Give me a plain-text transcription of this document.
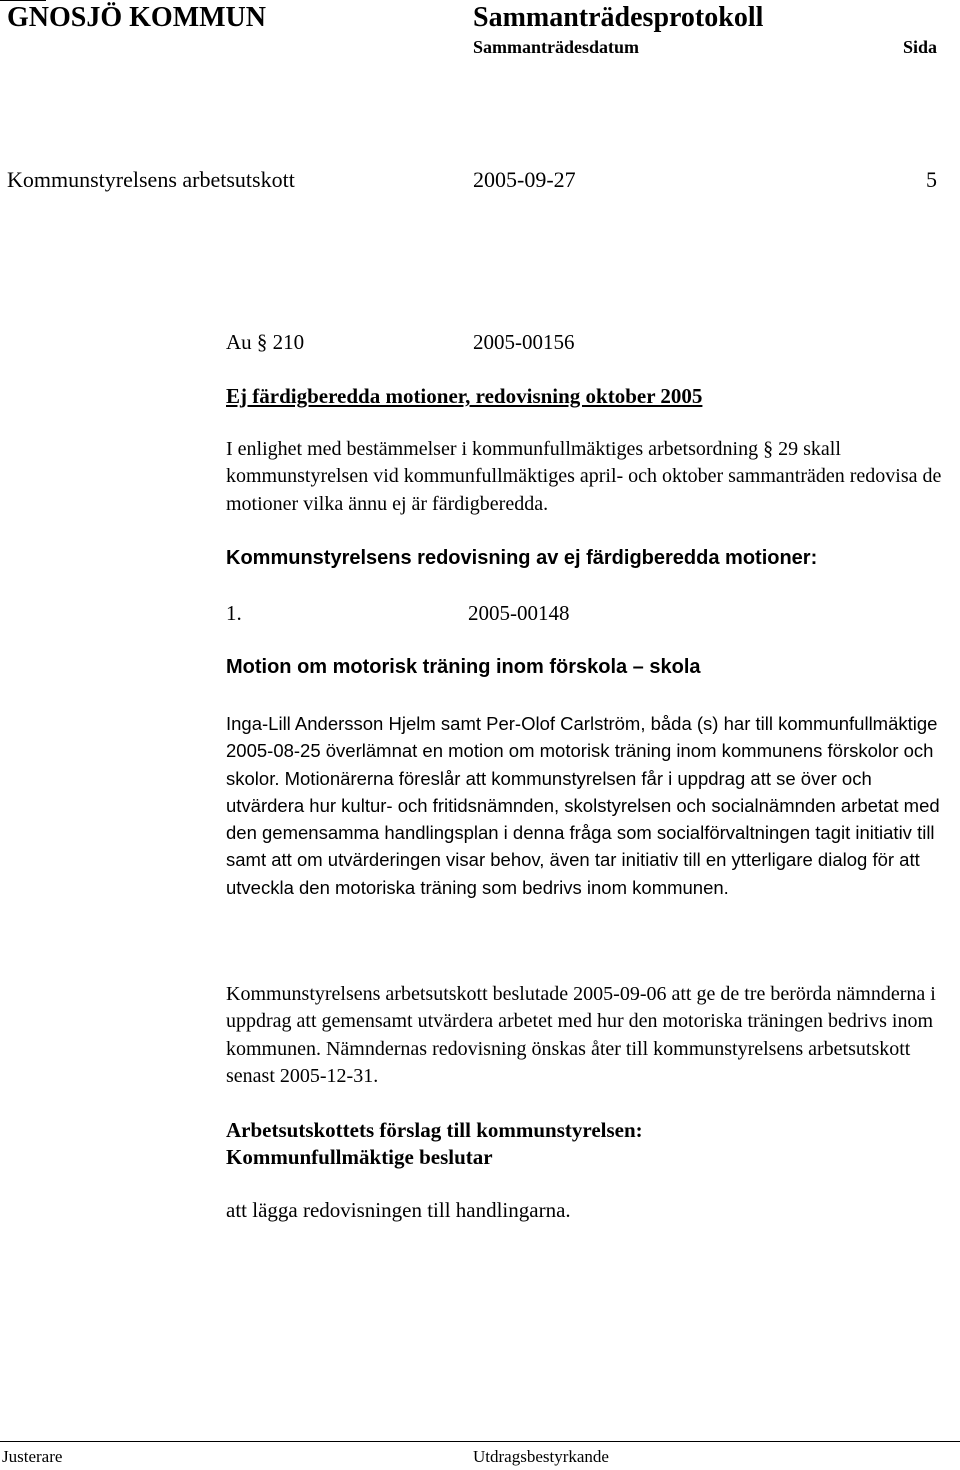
GNOSJÖ KOMMUN	Sammanträdesprotokoll
Sammanträdesdatum	Sida
Kommunstyrelsens arbetsutskott	2005-09-27	5
Au § 210	2005-00156
Ej färdigberedda motioner, redovisning oktober 2005

I enlighet med bestämmelser i kommunfullmäktiges arbetsordning § 29 skall kommunstyrelsen vid kommunfullmäktiges april- och oktober sammanträden redovisa de motioner vilka ännu ej är färdigberedda.

Kommunstyrelsens redovisning av ej färdigberedda motioner:
1.	2005-00148
Motion om motorisk träning inom förskola – skola

Inga-Lill Andersson Hjelm samt Per-Olof Carlström, båda (s) har till kommunfullmäktige 2005-08-25 överlämnat en motion om motorisk träning inom kommunens förskolor och skolor. Motionärerna föreslår att kommunstyrelsen får i uppdrag att se över och utvärdera hur kultur- och fritidsnämnden, skolstyrelsen och socialnämnden arbetat med den gemensamma handlingsplan i denna fråga som socialförvaltningen tagit initiativ till samt att om utvärderingen visar behov, även tar initiativ till en ytterligare dialog för att utveckla den motoriska träning som bedrivs inom kommunen.

Kommunstyrelsens arbetsutskott beslutade 2005-09-06 att ge de tre berörda nämnderna i uppdrag att gemensamt utvärdera arbetet med hur den motoriska träningen bedrivs inom kommunen. Nämndernas redovisning önskas åter till kommunstyrelsens arbetsutskott senast 2005-12-31.

Arbetsutskottets förslag till kommunstyrelsen:
Kommunfullmäktige beslutar
att lägga redovisningen till handlingarna.
Justerare	Utdragsbestyrkande
